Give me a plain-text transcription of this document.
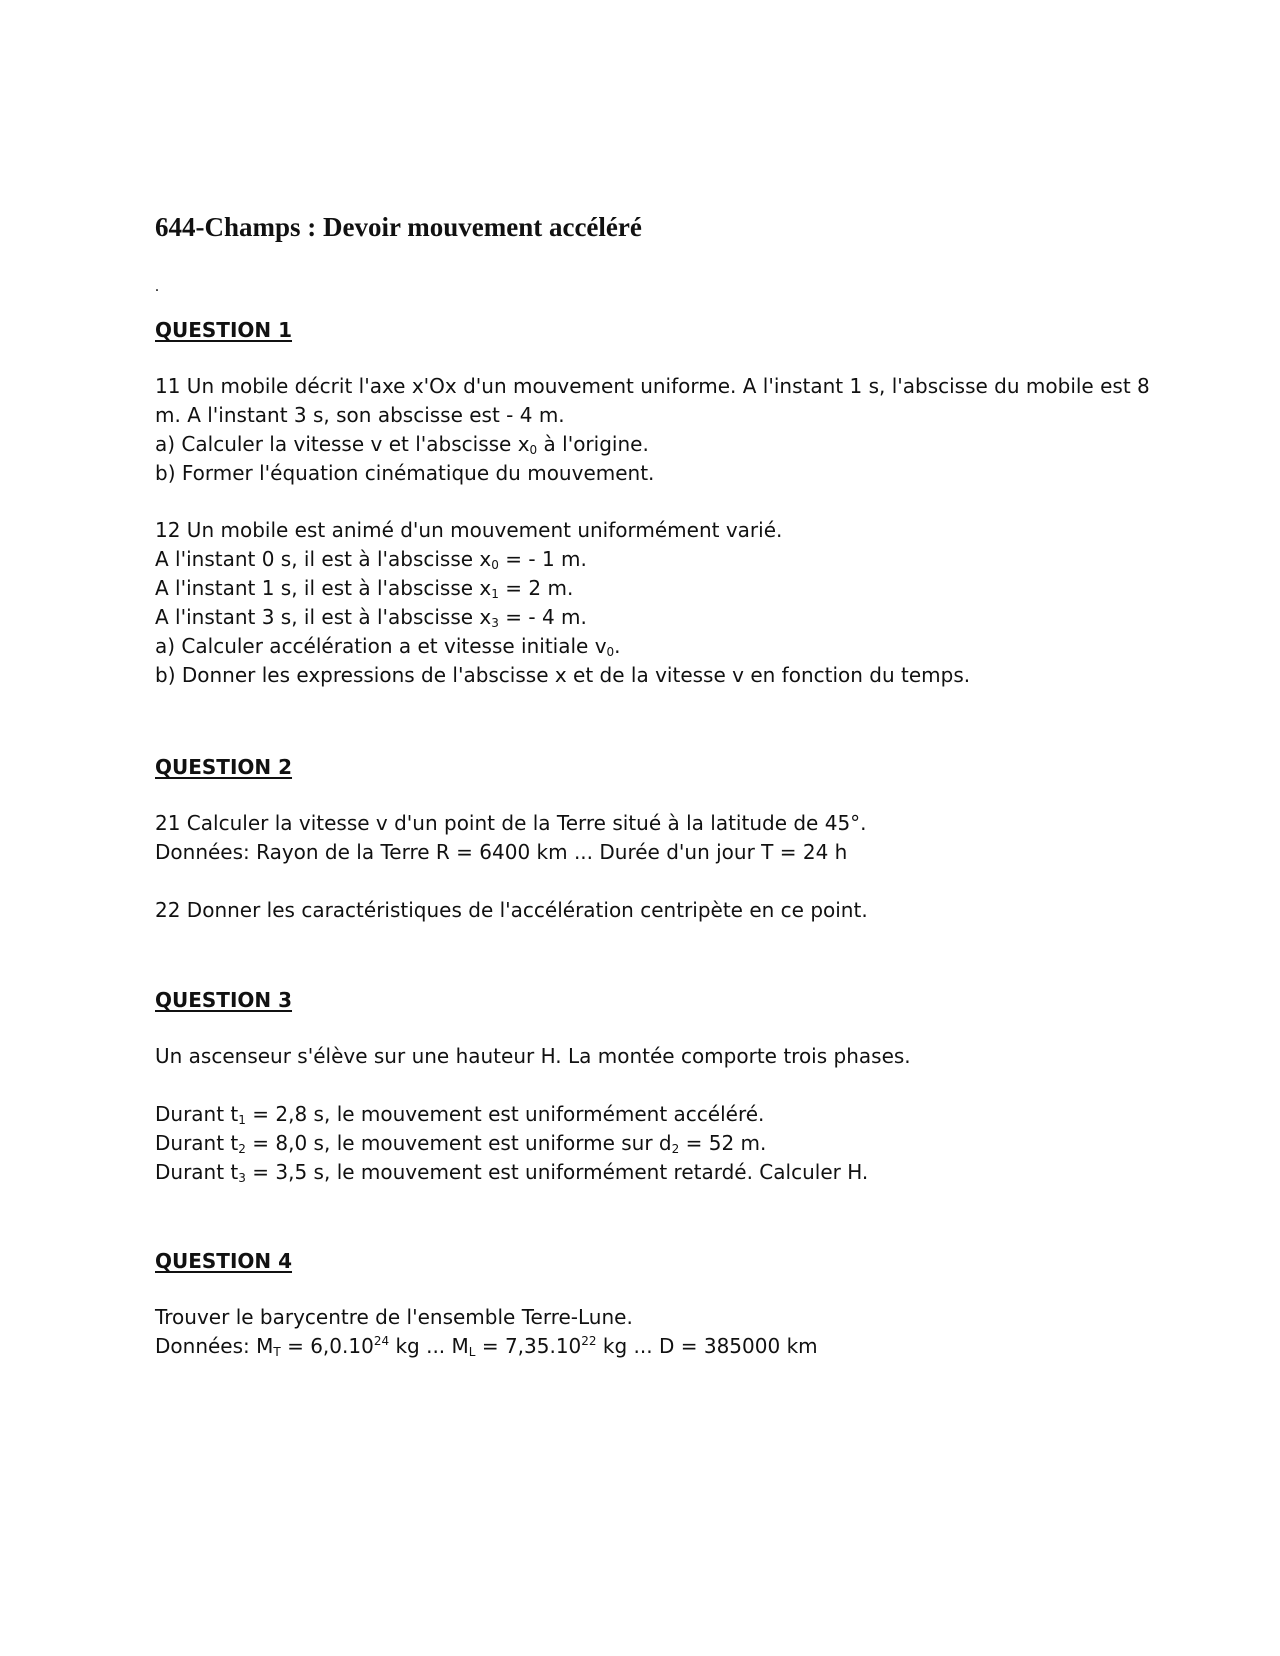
644-Champs : Devoir mouvement accéléré
.
QUESTION 1
11 Un mobile décrit l'axe x'Ox d'un mouvement uniforme. A l'instant 1 s, l'abscisse du mobile est 8
m. A l'instant 3 s, son abscisse est - 4 m.
a) Calculer la vitesse v et l'abscisse $x_0$ à l'origine.
b) Former l'équation cinématique du mouvement.
12 Un mobile est animé d'un mouvement uniformément varié.
A l'instant 0 s, il est à l'abscisse $x_0$ = - 1 m.
A l'instant 1 s, il est à l'abscisse $x_1 = 2$ m.
A l'instant 3 s, il est à l'abscisse $x_3$ = - 4 m.
a) Calculer accélération a et vitesse initiale $v_0$.
b) Donner les expressions de l'abscisse x et de la vitesse v en fonction du temps.
QUESTION 2
21 Calculer la vitesse v d'un point de la Terre situé à la latitude de 45°.
Données: Rayon de la Terre R = 6400 km ... Durée d'un jour T = 24 h
22 Donner les caractéristiques de l'accélération centripète en ce point.
QUESTION 3
Un ascenseur s'élève sur une hauteur H. La montée comporte trois phases.
Durant $t_1 = 2,8$ s, le mouvement est uniformément accéléré.
Durant $t_2 = 8,0$ s, le mouvement est uniforme sur $d_2 = 52$ m.
Durant $t_3 = 3,5$ s, le mouvement est uniformément retardé. Calculer H.
QUESTION 4
Trouver le barycentre de l'ensemble Terre-Lune.
Données: $M_T = 6,0.10^{24}$ kg ... $M_L = 7,35.10^{22}$ kg ... D = 385000 km
